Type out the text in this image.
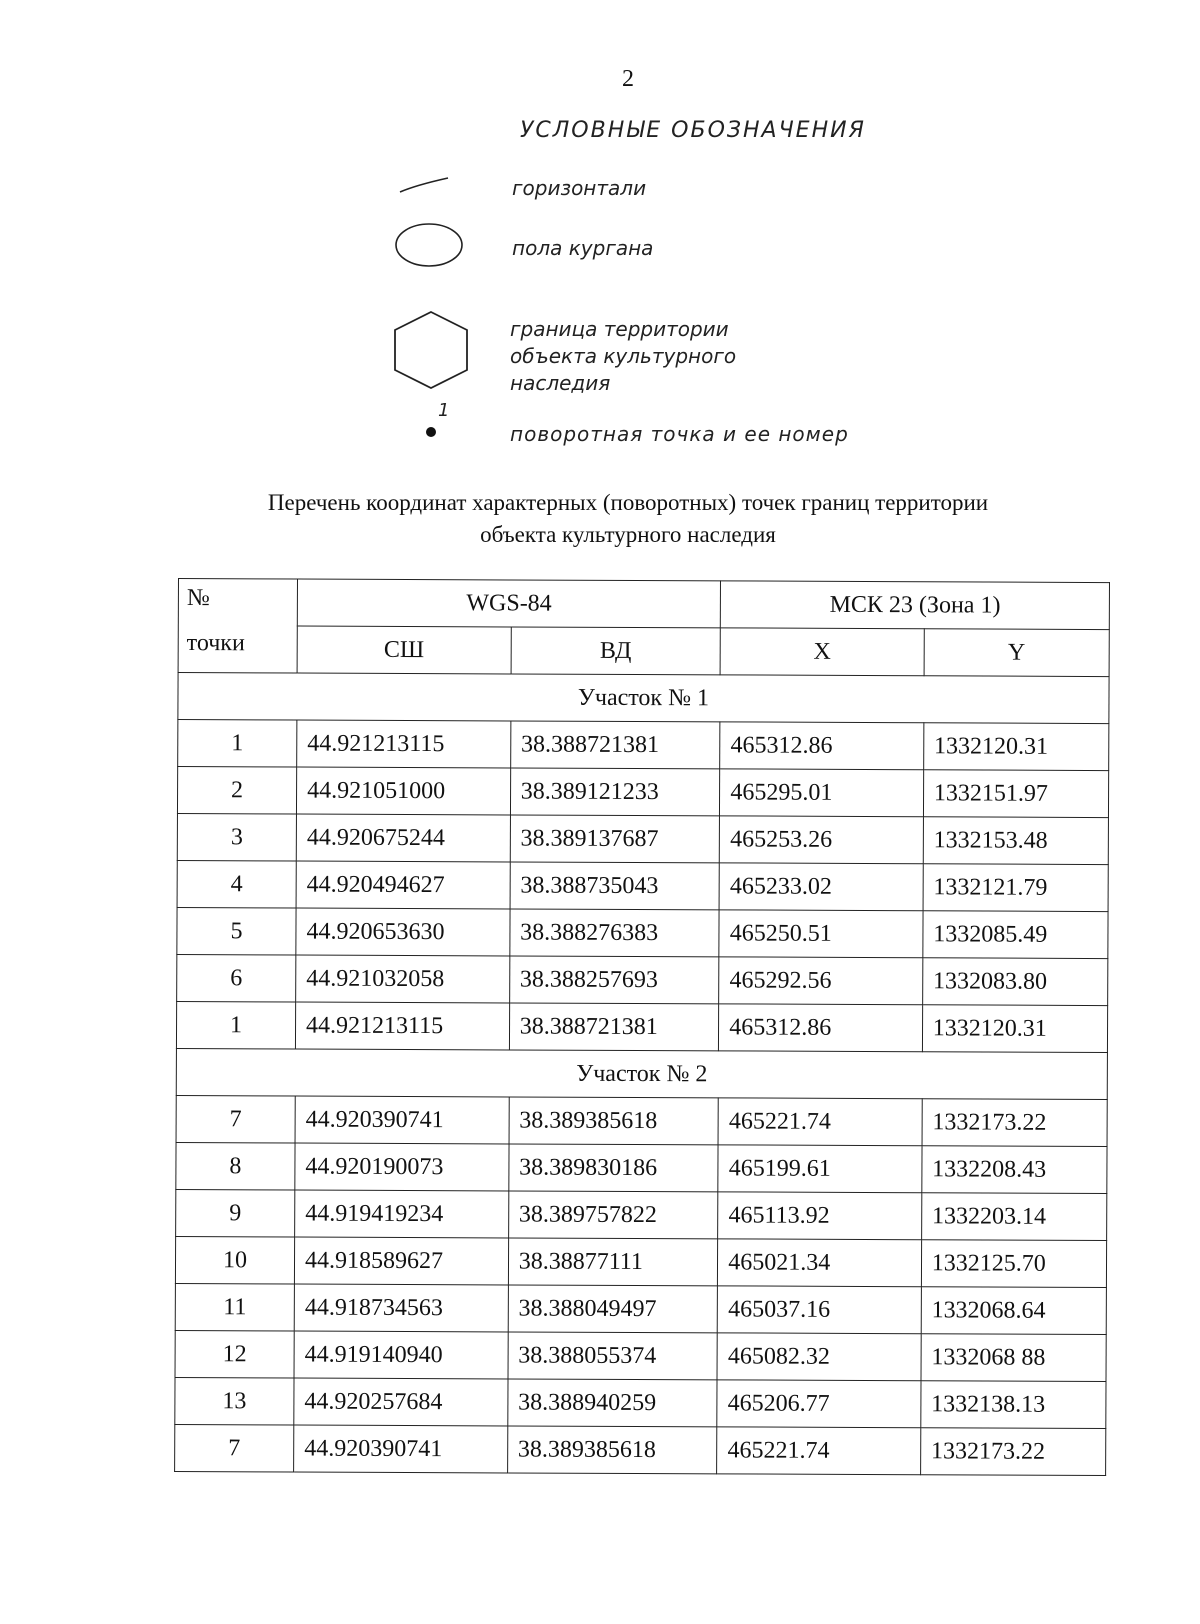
2
УСЛОВНЫЕ ОБОЗНАЧЕНИЯ
горизонтали
пола кургана
граница территории
объекта культурного
наследия
1
поворотная точка и ее номер
Перечень координат характерных (поворотных) точек границ территории
объекта культурного наследия
№
точки	WGS-84		МСК 23 (Зона 1)	
	СШ	ВД	X	Y
Участок № 1				
1	44.921213115	38.388721381	465312.86	1332120.31
2	44.921051000	38.389121233	465295.01	1332151.97
3	44.920675244	38.389137687	465253.26	1332153.48
4	44.920494627	38.388735043	465233.02	1332121.79
5	44.920653630	38.388276383	465250.51	1332085.49
6	44.921032058	38.388257693	465292.56	1332083.80
1	44.921213115	38.388721381	465312.86	1332120.31
Участок № 2				
7	44.920390741	38.389385618	465221.74	1332173.22
8	44.920190073	38.389830186	465199.61	1332208.43
9	44.919419234	38.389757822	465113.92	1332203.14
10	44.918589627	38.38877111	465021.34	1332125.70
11	44.918734563	38.388049497	465037.16	1332068.64
12	44.919140940	38.388055374	465082.32	1332068 88
13	44.920257684	38.388940259	465206.77	1332138.13
7	44.920390741	38.389385618	465221.74	1332173.22
